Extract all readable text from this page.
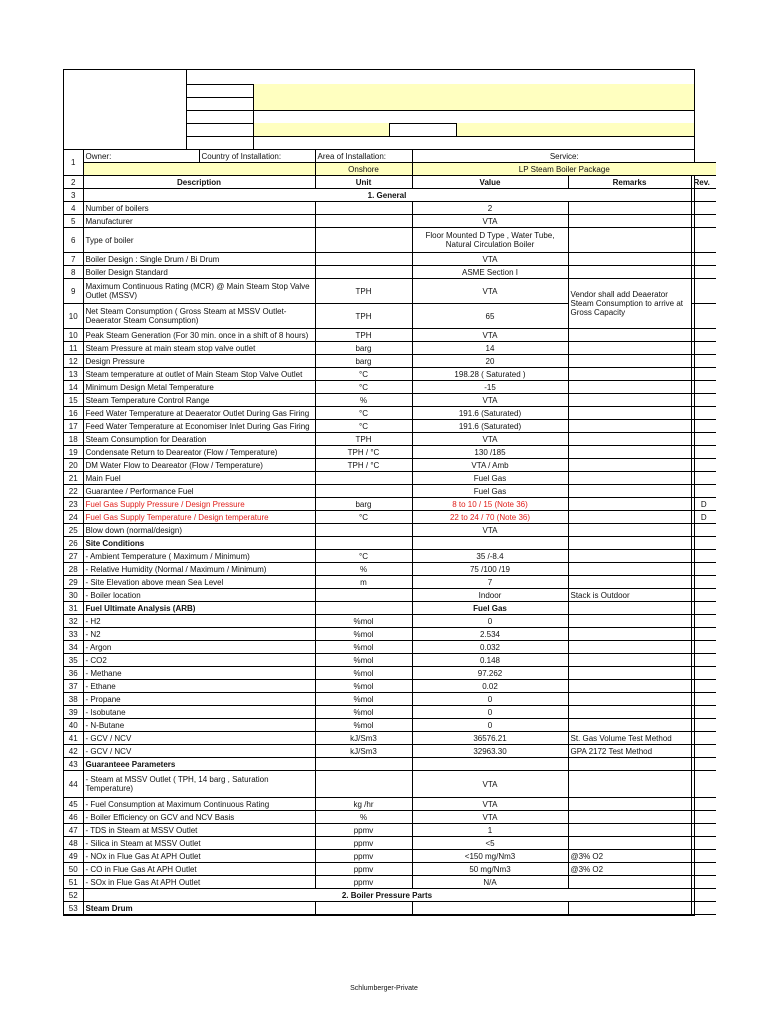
1	Owner:	Country of Installation:	Area of Installation:	Service:		
			Onshore	LP Steam Boiler Package		
2	Description		Unit	Value	Remarks	Rev.
3	1. General					
4	Number of boilers			2		
5	Manufacturer			VTA		
6	Type of boiler			Floor Mounted D Type , Water Tube, Natural Circulation Boiler		
7	Boiler Design : Single Drum / Bi Drum			VTA		
8	Boiler Design Standard			ASME Section I		
9	Maximum Continuous Rating (MCR) @ Main Steam Stop Valve Outlet (MSSV)		TPH	VTA	Vendor shall add Deaerator Steam Consumption to arrive at Gross Capacity	
10	Net Steam Consumption ( Gross Steam at MSSV Outlet- Deaerator Steam Consumption)		TPH	65		
10	Peak Steam Generation (For 30 min. once in a shift of 8 hours)		TPH	VTA		
11	Steam Pressure at main steam stop valve outlet		barg	14		
12	Design Pressure		barg	20		
13	Steam temperature at outlet of Main Steam Stop Valve Outlet		°C	198.28 ( Saturated )		
14	Minimum Design Metal Temperature		°C	-15		
15	Steam Temperature Control Range		%	VTA		
16	Feed Water Temperature at Deaerator Outlet During Gas Firing		°C	191.6 (Saturated)		
17	Feed Water Temperature at Economiser Inlet During Gas Firing		°C	191.6 (Saturated)		
18	Steam Consumption for Dearation		TPH	VTA		
19	Condensate Return to Deareator (Flow / Temperature)		TPH / °C	130 /185		
20	DM Water Flow to Deareator (Flow / Temperature)		TPH / °C	VTA / Amb		
21	Main Fuel			Fuel Gas		
22	Guarantee / Performance Fuel			Fuel Gas		
23	Fuel Gas Supply Pressure / Design Pressure		barg	8 to 10 / 15 (Note 36)		D
24	Fuel Gas Supply Temperature / Design temperature		°C	22 to 24 / 70 (Note 36)		D
25	Blow down (normal/design)			VTA		
26	Site Conditions					
27	- Ambient Temperature ( Maximum / Minimum)		°C	35 /-8.4		
28	- Relative Humidity (Normal / Maximum / Minimum)		%	75 /100 /19		
29	- Site Elevation above mean Sea Level		m	7		
30	- Boiler location			Indoor	Stack is Outdoor	
31	Fuel Ultimate Analysis (ARB)			Fuel Gas		
32	- H2		%mol	0		
33	- N2		%mol	2.534		
34	- Argon		%mol	0.032		
35	- CO2		%mol	0.148		
36	- Methane		%mol	97.262		
37	- Ethane		%mol	0.02		
38	- Propane		%mol	0		
39	- Isobutane		%mol	0		
40	- N-Butane		%mol	0		
41	- GCV / NCV		kJ/Sm3	36576.21	St. Gas Volume Test Method	
42	- GCV / NCV		kJ/Sm3	32963.30	GPA 2172 Test Method	
43	Guaranteee Parameters					
44	- Steam at MSSV Outlet ( TPH, 14 barg , Saturation Temperature)			VTA		
45	- Fuel Consumption at Maximum Continuous Rating		kg /hr	VTA		
46	- Boiler Efficiency on GCV and NCV Basis		%	VTA		
47	- TDS in Steam at MSSV Outlet		ppmv	1		
48	- Silica in Steam at MSSV Outlet		ppmv	<5		
49	- NOx in Flue Gas At APH Outlet		ppmv	<150 mg/Nm3	@3% O2	
50	- CO in Flue Gas At APH Outlet		ppmv	50 mg/Nm3	@3% O2	
51	- SOx in Flue Gas At APH Outlet		ppmv	N/A		
52	2. Boiler Pressure Parts					
53	Steam Drum					
Schlumberger-Private
